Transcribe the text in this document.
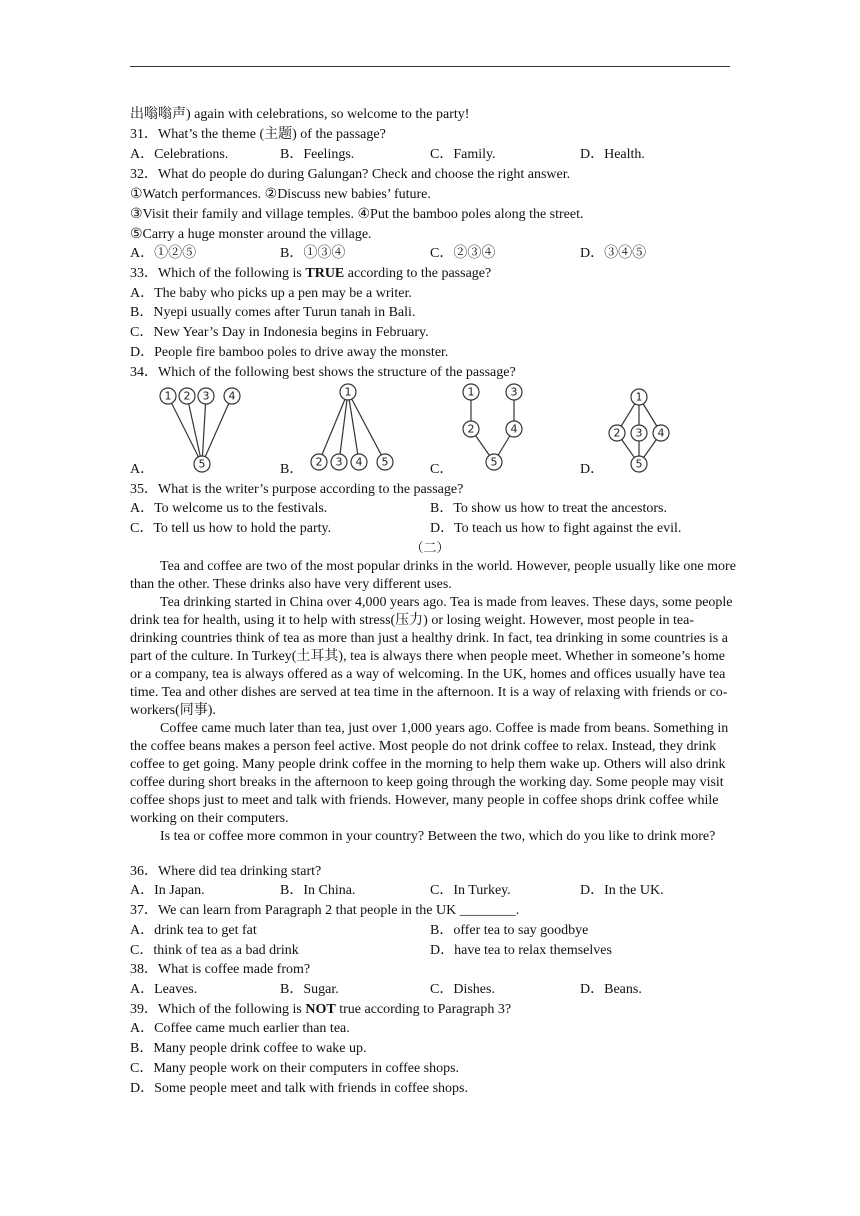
出嗡嗡声) again with celebrations, so welcome to the party!
31．What’s the theme (主题) of the passage?
A．Celebrations.	B．Feelings.	C．Family.	D．Health.
32．What do people do during Galungan? Check and choose the right answer.
①Watch performances. ②Discuss new babies’ future.
③Visit their family and village temples. ④Put the bamboo poles along the street.
⑤Carry a huge monster around the village.
A．①②⑤	B．①③④	C．②③④	D．③④⑤
33．Which of the following is TRUE according to the passage?
A．The baby who picks up a pen may be a writer.
B．Nyepi usually comes after Turun tanah in Bali.
C．New Year’s Day in Indonesia begins in February.
D．People fire bamboo poles to drive away the monster.
34．Which of the following best shows the structure of the passage?
1 2 3 4
5
1
2 3 4 5
1	3
2	4
5
1
2 3 4
5
A．	B．	C．	D．
35．What is the writer’s purpose according to the passage?
A．To welcome us to the festivals.	B．To show us how to treat the ancestors.
C．To tell us how to hold the party.	D．To teach us how to fight against the evil.
（二）

Tea and coffee are two of the most popular drinks in the world. However, people usually like one more than the other. These drinks also have very different uses.

Tea drinking started in China over 4,000 years ago. Tea is made from leaves. These days, some people drink tea for health, using it to help with stress(压力) or losing weight. However, most people in tea-drinking countries think of tea as more than just a healthy drink. In fact, tea drinking in some countries is a part of the culture. In Turkey(土耳其), tea is always there when people meet. Whether in someone’s home or a company, tea is always offered as a way of welcoming. In the UK, homes and offices usually have tea time. Tea and other dishes are served at tea time in the afternoon. It is a way of relaxing with friends or co-workers(同事).

Coffee came much later than tea, just over 1,000 years ago. Coffee is made from beans. Something in the coffee beans makes a person feel active. Most people do not drink coffee to relax. Instead, they drink coffee to get going. Many people drink coffee in the morning to help them wake up. Others will also drink coffee during short breaks in the afternoon to keep going through the working day. Some people may visit coffee shops just to meet and talk with friends. However, many people in coffee shops drink coffee while working on their computers.

Is tea or coffee more common in your country? Between the two, which do you like to drink more?

36．Where did tea drinking start?
A．In Japan.	B．In China.	C．In Turkey.	D．In the UK.
37．We can learn from Paragraph 2 that people in the UK ________.
A．drink tea to get fat	B．offer tea to say goodbye
C．think of tea as a bad drink	D．have tea to relax themselves
38．What is coffee made from?
A．Leaves.	B．Sugar.	C．Dishes.	D．Beans.
39．Which of the following is NOT true according to Paragraph 3?
A．Coffee came much earlier than tea.
B．Many people drink coffee to wake up.
C．Many people work on their computers in coffee shops.
D．Some people meet and talk with friends in coffee shops.
